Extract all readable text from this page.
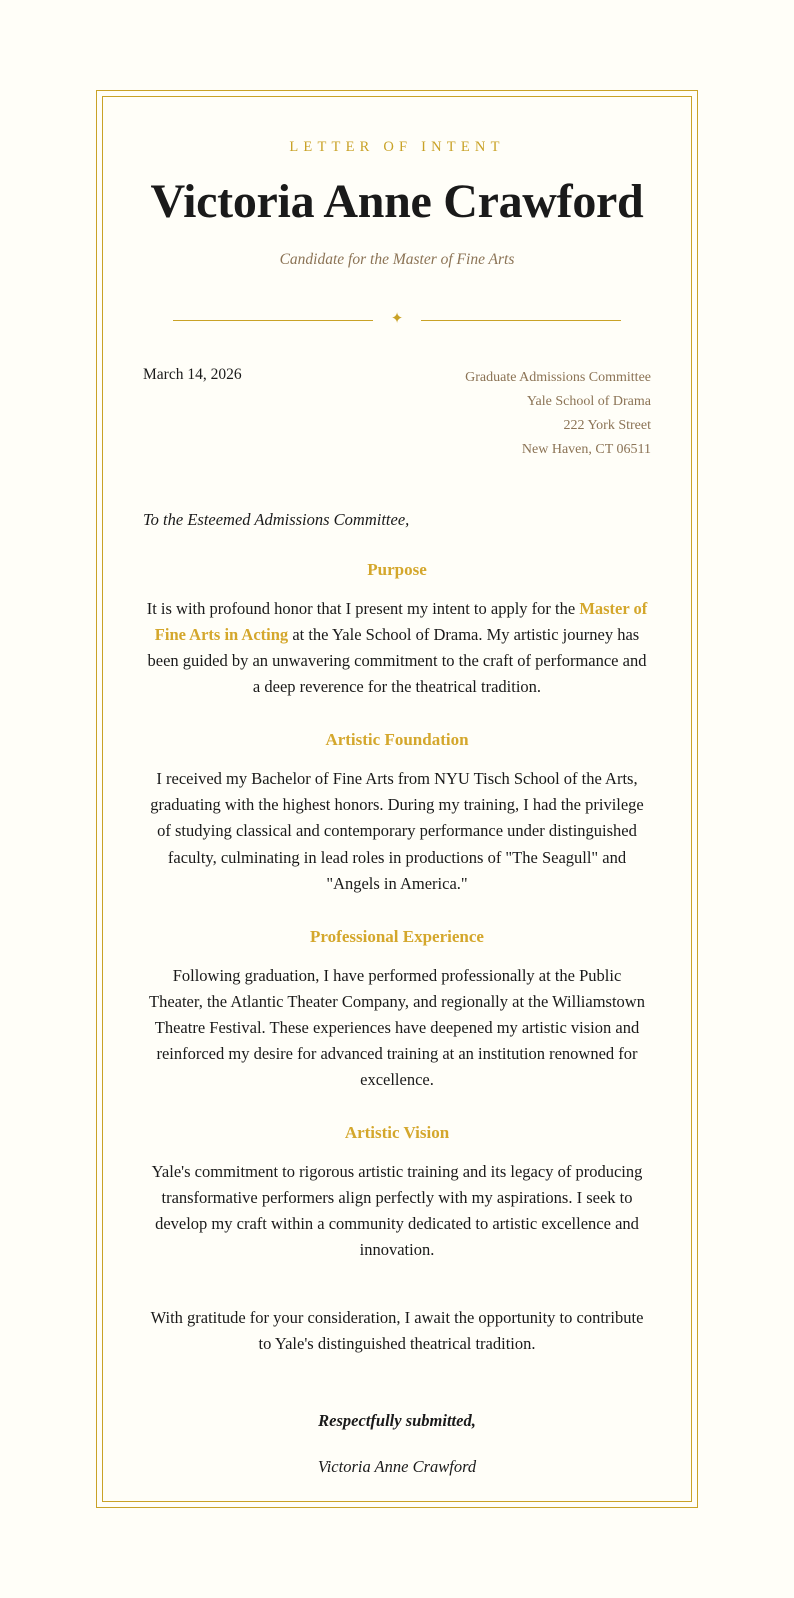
LETTER OF INTENT
Victoria Anne Crawford
Candidate for the Master of Fine Arts
✦
March 14, 2026	Graduate Admissions Committee
Yale School of Drama
222 York Street
New Haven, CT 06511
To the Esteemed Admissions Committee,
Purpose

It is with profound honor that I present my intent to apply for the Master of Fine Arts in Acting at the Yale School of Drama. My artistic journey has been guided by an unwavering commitment to the craft of performance and a deep reverence for the theatrical tradition.

Artistic Foundation

I received my Bachelor of Fine Arts from NYU Tisch School of the Arts, graduating with the highest honors. During my training, I had the privilege of studying classical and contemporary performance under distinguished faculty, culminating in lead roles in productions of "The Seagull" and "Angels in America."

Professional Experience

Following graduation, I have performed professionally at the Public Theater, the Atlantic Theater Company, and regionally at the Williamstown Theatre Festival. These experiences have deepened my artistic vision and reinforced my desire for advanced training at an institution renowned for excellence.

Artistic Vision

Yale's commitment to rigorous artistic training and its legacy of producing transformative performers align perfectly with my aspirations. I seek to develop my craft within a community dedicated to artistic excellence and innovation.

With gratitude for your consideration, I await the opportunity to contribute to Yale's distinguished theatrical tradition.

Respectfully submitted,
Victoria Anne Crawford
